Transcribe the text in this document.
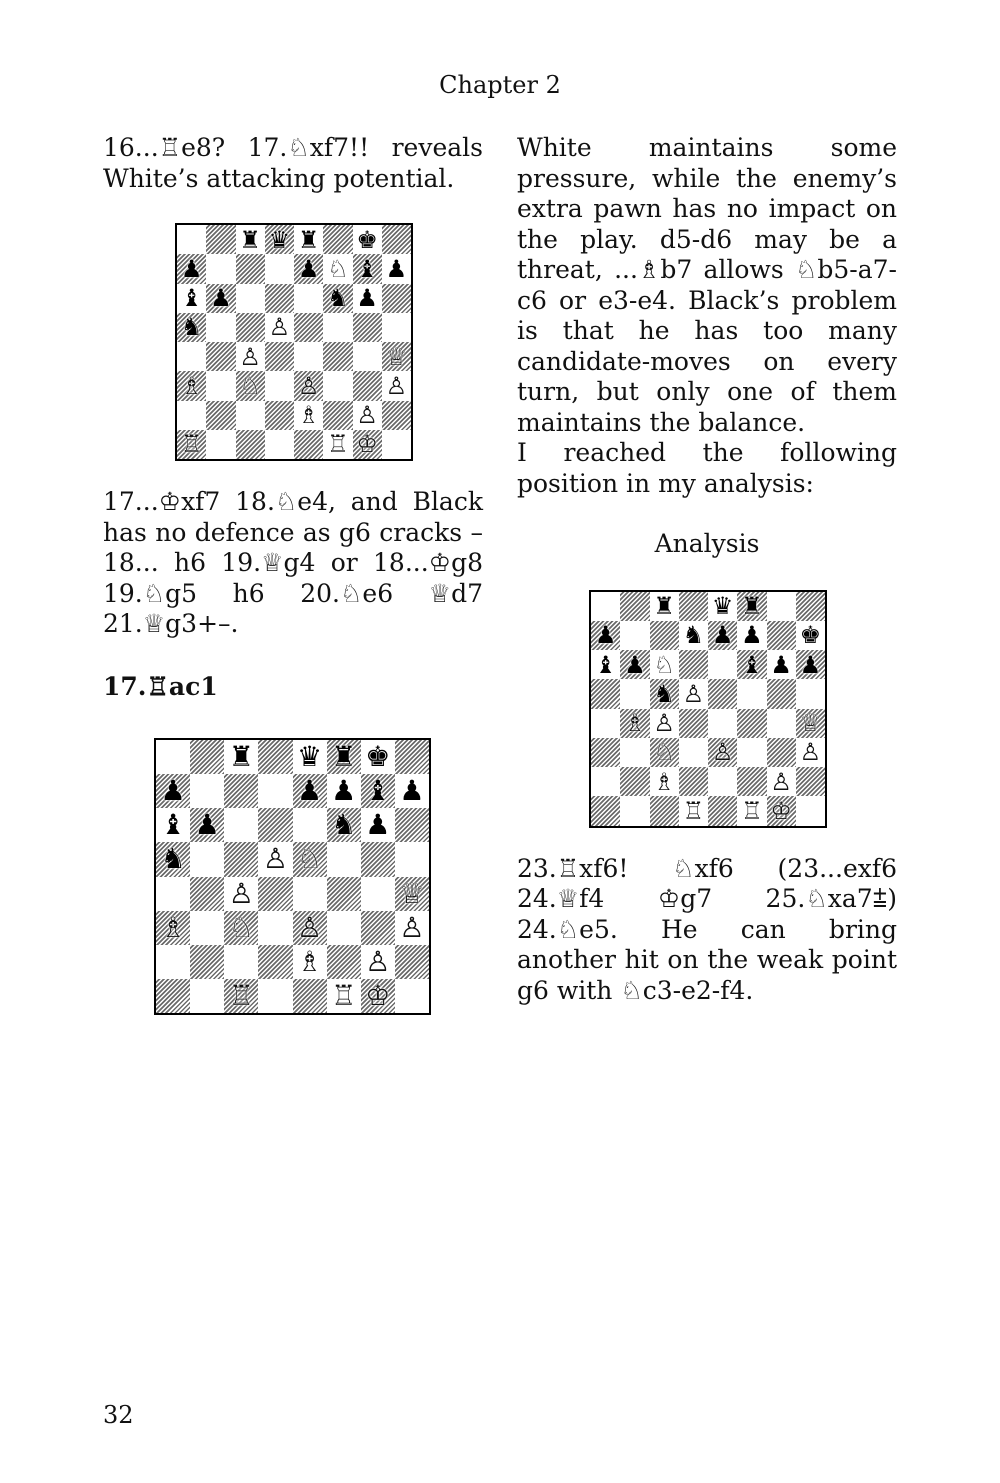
Chapter 2

16...♖e8? 17.♘xf7!! reveals White’s attacking potential.

♜ ♛ ♜ ♚
♟	♟ ♘ ♝ ♟
♝ ♟	♞ ♟
♞	♙
♙	♕
♗ ♘ ♙	♙
♗ ♙
♖	♖ ♔

17...♔xf7 18.♘e4, and Black has no defence as g6 cracks – 18... h6 19.♕g4 or 18...♔g8 19.♘g5 h6 20.♘e6 ♕d7 21.♕g3+–.

17.♖ac1

♜ ♛ ♜ ♚
♟	♟ ♟ ♝ ♟
♝ ♟	♞ ♟
♞	♙ ♘
♙	♕
♗ ♘ ♙	♙
♗ ♙
♖	♖ ♔

White maintains some pressure, while the enemy’s extra pawn has no impact on the play. d5-d6 may be a threat, ...♗b7 allows ♘b5-a7-c6 or e3-e4. Black’s problem is that he has too many candidate-moves on every turn, but only one of them maintains the balance.

I reached the following position in my analysis:

Analysis

♜ ♛ ♜
♟	♞ ♟ ♟ ♚
♝ ♟ ♘	♝ ♟ ♟
♞ ♙
♗ ♙	♕
♘ ♙	♙
♗	♙
♖ ♖ ♔

23.♖xf6! ♘xf6 (23...exf6 24.♕f4 ♔g7 25.♘xa7⩲) 24.♘e5. He can bring another hit on the weak point g6 with ♘c3-e2-f4.

32
